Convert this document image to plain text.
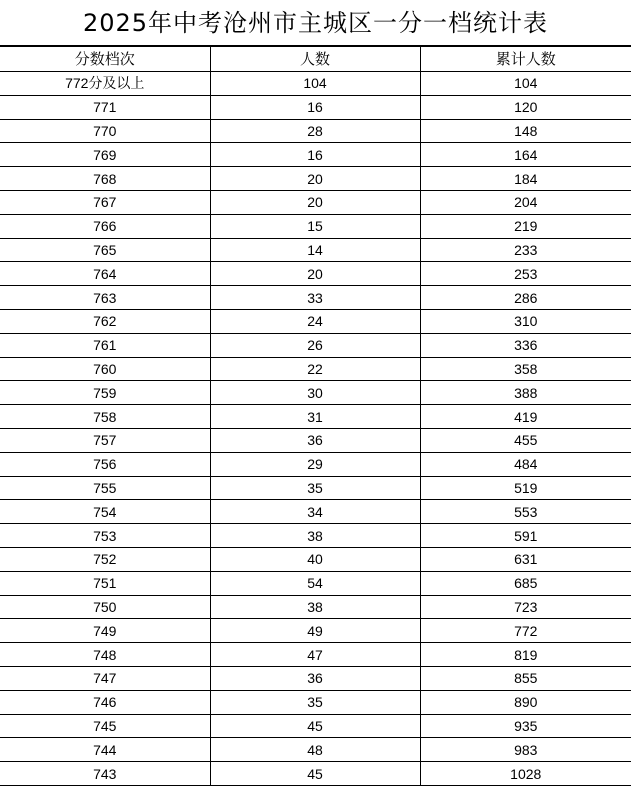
2025年中考沧州市主城区一分一档统计表
分数档次	人数	累计人数
772分及以上	104	104
771	16	120
770	28	148
769	16	164
768	20	184
767	20	204
766	15	219
765	14	233
764	20	253
763	33	286
762	24	310
761	26	336
760	22	358
759	30	388
758	31	419
757	36	455
756	29	484
755	35	519
754	34	553
753	38	591
752	40	631
751	54	685
750	38	723
749	49	772
748	47	819
747	36	855
746	35	890
745	45	935
744	48	983
743	45	1028
